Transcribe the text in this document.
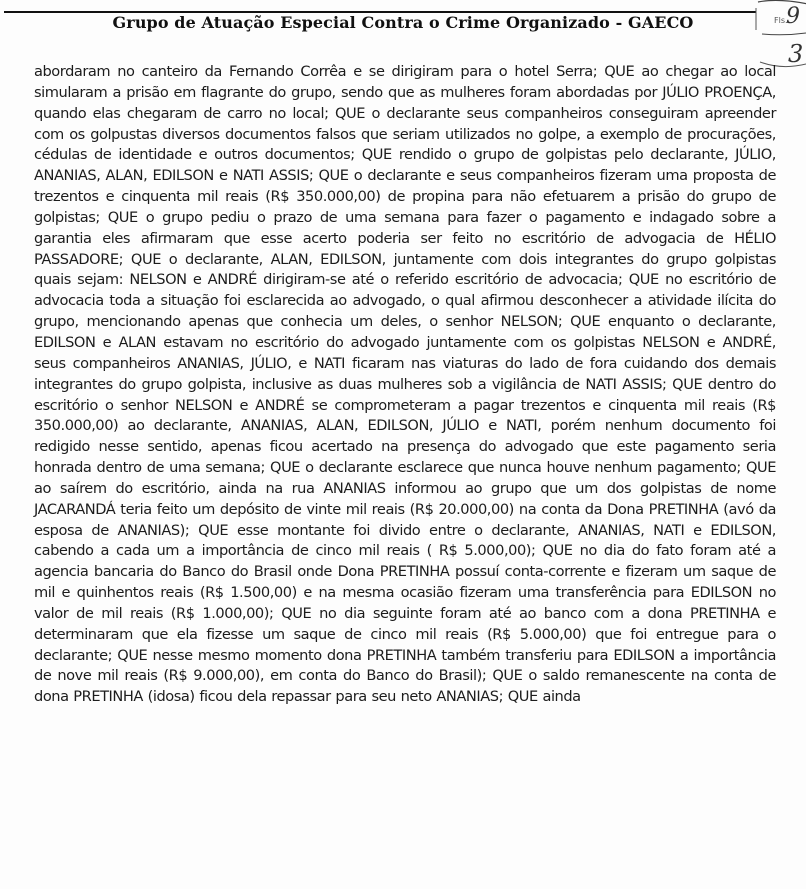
Grupo de Atuação Especial Contra o Crime Organizado - GAECO	Fls.
9
3

abordaram no canteiro da Fernando Corrêa e se dirigiram para o hotel Serra; QUE ao chegar ao local simularam a prisão em flagrante do grupo, sendo que as mulheres foram abordadas por JÚLIO PROENÇA, quando elas chegaram de carro no local; QUE o declarante seus companheiros conseguiram apreender com os golpustas diversos documentos falsos que seriam utilizados no golpe, a exemplo de procurações, cédulas de identidade e outros documentos; QUE rendido o grupo de golpistas pelo declarante, JÚLIO, ANANIAS, ALAN, EDILSON e NATI ASSIS; QUE o declarante e seus companheiros fizeram uma proposta de trezentos e cinquenta mil reais (R$ 350.000,00) de propina para não efetuarem a prisão do grupo de golpistas; QUE o grupo pediu o prazo de uma semana para fazer o pagamento e indagado sobre a garantia eles afirmaram que esse acerto poderia ser feito no escritório de advogacia de HÉLIO PASSADORE; QUE o declarante, ALAN, EDILSON, juntamente com dois integrantes do grupo golpistas quais sejam: NELSON e ANDRÉ dirigiram-se até o referido escritório de advocacia; QUE no escritório de advocacia toda a situação foi esclarecida ao advogado, o qual afirmou desconhecer a atividade ilícita do grupo, mencionando apenas que conhecia um deles, o senhor NELSON; QUE enquanto o declarante, EDILSON e ALAN estavam no escritório do advogado juntamente com os golpistas NELSON e ANDRÉ, seus companheiros ANANIAS, JÚLIO, e NATI ficaram nas viaturas do lado de fora cuidando dos demais integrantes do grupo golpista, inclusive as duas mulheres sob a vigilância de NATI ASSIS; QUE dentro do escritório o senhor NELSON e ANDRÉ se comprometeram a pagar trezentos e cinquenta mil reais (R$ 350.000,00) ao declarante, ANANIAS, ALAN, EDILSON, JÚLIO e NATI, porém nenhum documento foi redigido nesse sentido, apenas ficou acertado na presença do advogado que este pagamento seria honrada dentro de uma semana; QUE o declarante esclarece que nunca houve nenhum pagamento; QUE ao saírem do escritório, ainda na rua ANANIAS informou ao grupo que um dos golpistas de nome JACARANDÁ teria feito um depósito de vinte mil reais (R$ 20.000,00) na conta da Dona PRETINHA (avó da esposa de ANANIAS); QUE esse montante foi divido entre o declarante, ANANIAS, NATI e EDILSON, cabendo a cada um a importância de cinco mil reais ( R$ 5.000,00); QUE no dia do fato foram até a agencia bancaria do Banco do Brasil onde Dona PRETINHA possuí conta-corrente e fizeram um saque de mil e quinhentos reais (R$ 1.500,00) e na mesma ocasião fizeram uma transferência para EDILSON no valor de mil reais (R$ 1.000,00); QUE no dia seguinte foram até ao banco com a dona PRETINHA e determinaram que ela fizesse um saque de cinco mil reais (R$ 5.000,00) que foi entregue para o declarante; QUE nesse mesmo momento dona PRETINHA também transferiu para EDILSON a importância de nove mil reais (R$ 9.000,00), em conta do Banco do Brasil); QUE o saldo remanescente na conta de dona PRETINHA (idosa) ficou dela repassar para seu neto ANANIAS; QUE ainda
